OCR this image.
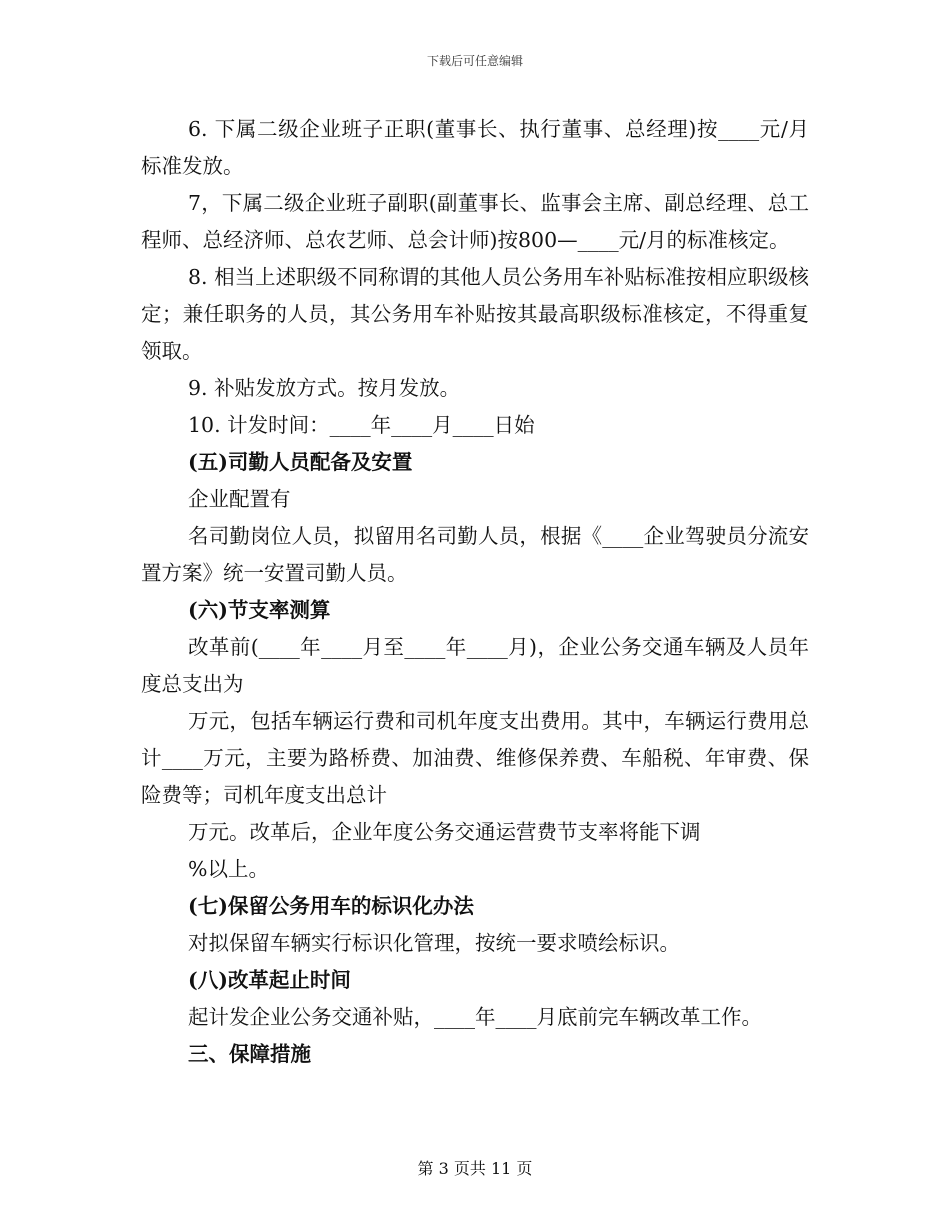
下载后可任意编辑
6. 下属二级企业班子正职(董事长、执行董事、总经理)按____元/月标准发放。
7，下属二级企业班子副职(副董事长、监事会主席、副总经理、总工程师、总经济师、总农艺师、总会计师)按800—____元/月的标准核定。
8. 相当上述职级不同称谓的其他人员公务用车补贴标准按相应职级核定；兼任职务的人员，其公务用车补贴按其最高职级标准核定，不得重复领取。
9. 补贴发放方式。按月发放。
10. 计发时间：____年____月____日始
(五)司勤人员配备及安置
企业配置有
名司勤岗位人员，拟留用名司勤人员，根据《____企业驾驶员分流安置方案》统一安置司勤人员。
(六)节支率测算
改革前(____年____月至____年____月)，企业公务交通车辆及人员年度总支出为
万元，包括车辆运行费和司机年度支出费用。其中，车辆运行费用总计____万元，主要为路桥费、加油费、维修保养费、车船税、年审费、保险费等；司机年度支出总计
万元。改革后，企业年度公务交通运营费节支率将能下调
%以上。
(七)保留公务用车的标识化办法
对拟保留车辆实行标识化管理，按统一要求喷绘标识。
(八)改革起止时间
起计发企业公务交通补贴，____年____月底前完车辆改革工作。
三、保障措施
第 3 页共 11 页
